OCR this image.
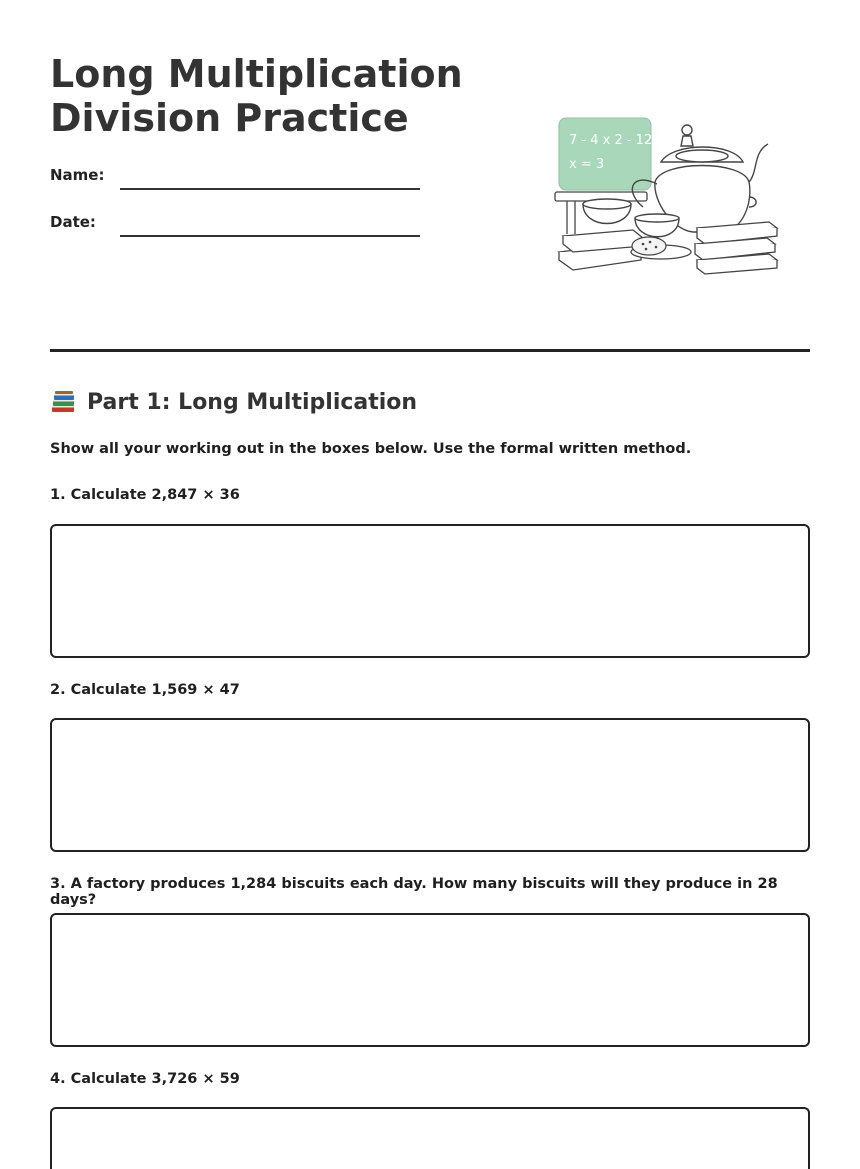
Long Multiplication
Division Practice
Name:
Date:
7 - 4 x 2 - 12
x = 3
Part 1: Long Multiplication
Show all your working out in the boxes below. Use the formal written method.
1. Calculate 2,847 × 36
2. Calculate 1,569 × 47
3. A factory produces 1,284 biscuits each day. How many biscuits will they produce in 28 days?
4. Calculate 3,726 × 59
